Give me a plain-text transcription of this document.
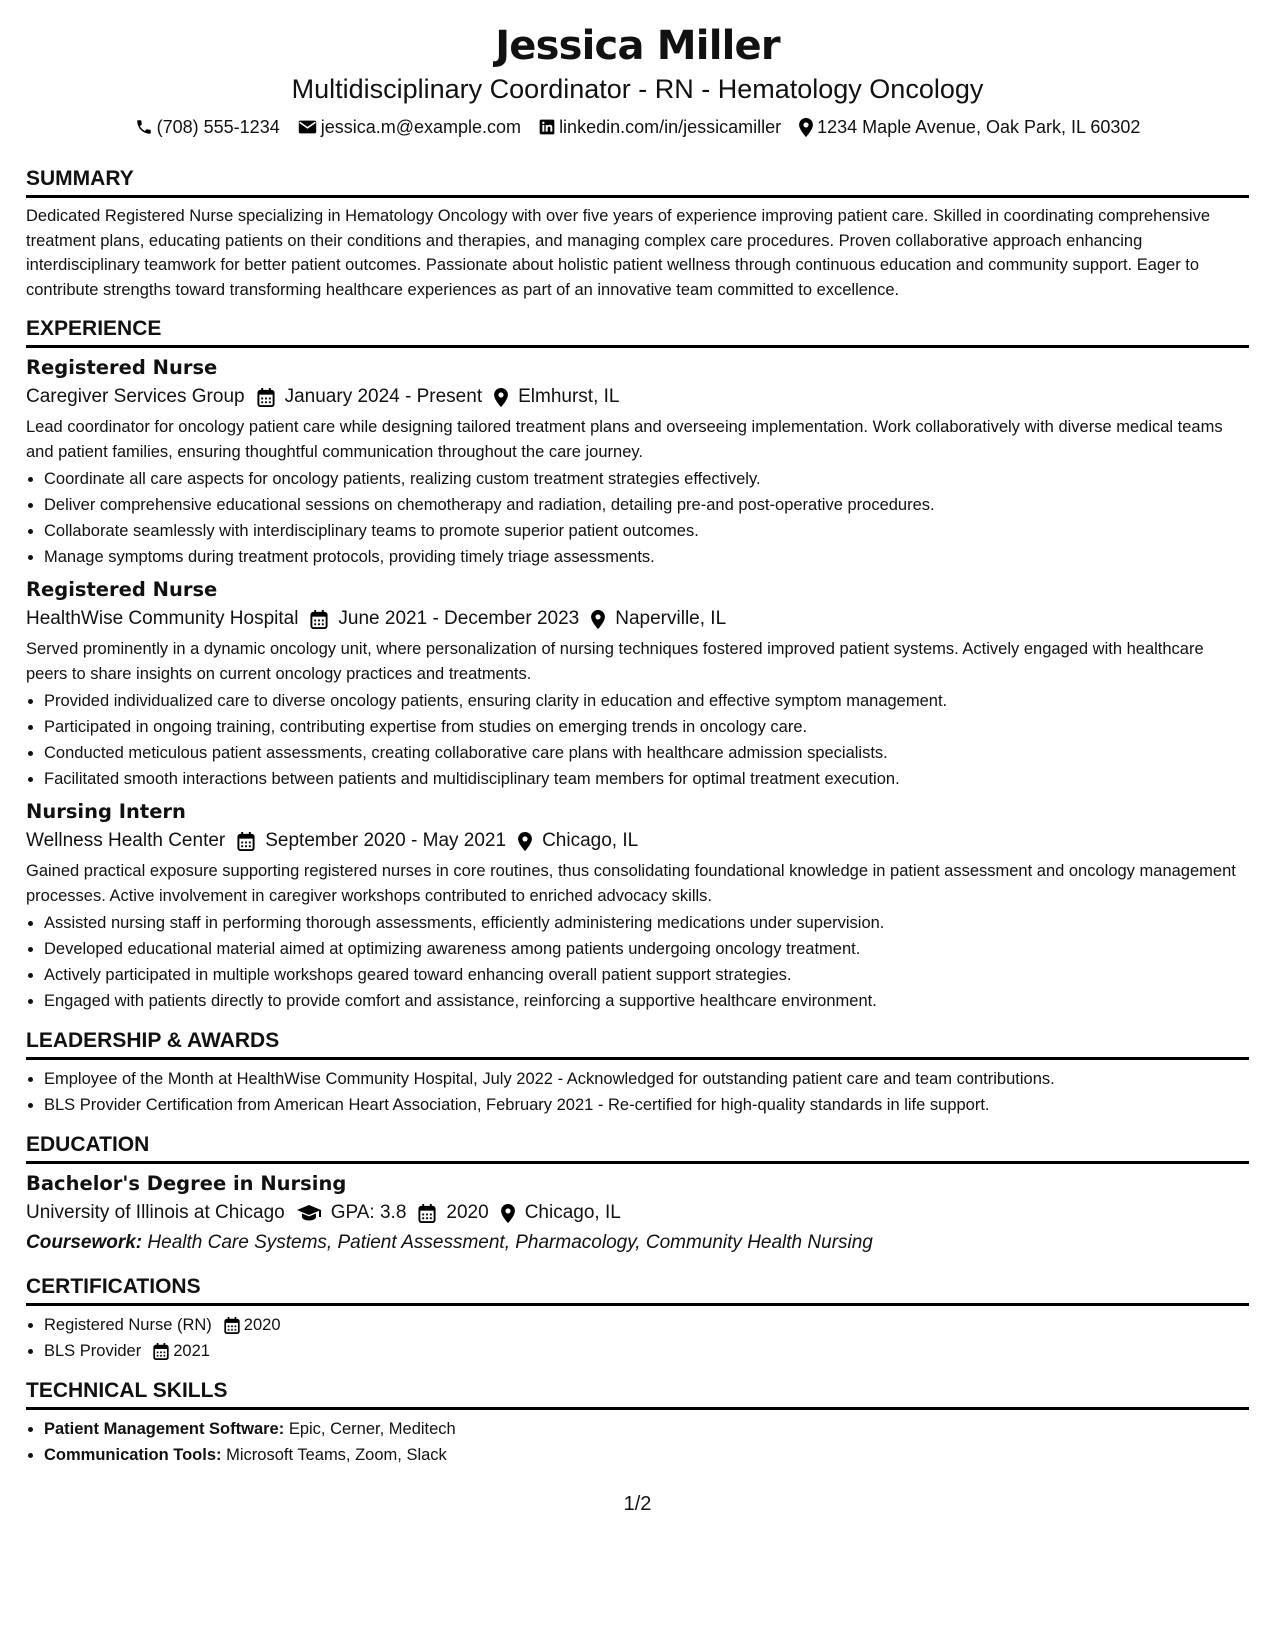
Jessica Miller
Multidisciplinary Coordinator - RN - Hematology Oncology
(708) 555-1234 jessica.m@example.com linkedin.com/in/jessicamiller 1234 Maple Avenue, Oak Park, IL 60302
SUMMARY

Dedicated Registered Nurse specializing in Hematology Oncology with over five years of experience improving patient care. Skilled in coordinating comprehensive treatment plans, educating patients on their conditions and therapies, and managing complex care procedures. Proven collaborative approach enhancing interdisciplinary teamwork for better patient outcomes. Passionate about holistic patient wellness through continuous education and community support. Eager to contribute strengths toward transforming healthcare experiences as part of an innovative team committed to excellence.

EXPERIENCE
Registered Nurse
Caregiver Services Group January 2024 - Present Elmhurst, IL

Lead coordinator for oncology patient care while designing tailored treatment plans and overseeing implementation. Work collaboratively with diverse medical teams and patient families, ensuring thoughtful communication throughout the care journey.

• Coordinate all care aspects for oncology patients, realizing custom treatment strategies effectively.
• Deliver comprehensive educational sessions on chemotherapy and radiation, detailing pre-and post-operative procedures.
• Collaborate seamlessly with interdisciplinary teams to promote superior patient outcomes.
• Manage symptoms during treatment protocols, providing timely triage assessments.
Registered Nurse
HealthWise Community Hospital June 2021 - December 2023 Naperville, IL

Served prominently in a dynamic oncology unit, where personalization of nursing techniques fostered improved patient systems. Actively engaged with healthcare peers to share insights on current oncology practices and treatments.

• Provided individualized care to diverse oncology patients, ensuring clarity in education and effective symptom management.
• Participated in ongoing training, contributing expertise from studies on emerging trends in oncology care.
• Conducted meticulous patient assessments, creating collaborative care plans with healthcare admission specialists.
• Facilitated smooth interactions between patients and multidisciplinary team members for optimal treatment execution.
Nursing Intern
Wellness Health Center September 2020 - May 2021 Chicago, IL

Gained practical exposure supporting registered nurses in core routines, thus consolidating foundational knowledge in patient assessment and oncology management processes. Active involvement in caregiver workshops contributed to enriched advocacy skills.

• Assisted nursing staff in performing thorough assessments, efficiently administering medications under supervision.
• Developed educational material aimed at optimizing awareness among patients undergoing oncology treatment.
• Actively participated in multiple workshops geared toward enhancing overall patient support strategies.
• Engaged with patients directly to provide comfort and assistance, reinforcing a supportive healthcare environment.
LEADERSHIP & AWARDS
• Employee of the Month at HealthWise Community Hospital, July 2022 - Acknowledged for outstanding patient care and team contributions.
• BLS Provider Certification from American Heart Association, February 2021 - Re-certified for high-quality standards in life support.
EDUCATION
Bachelor's Degree in Nursing
University of Illinois at Chicago GPA: 3.8 2020 Chicago, IL
Coursework: Health Care Systems, Patient Assessment, Pharmacology, Community Health Nursing
CERTIFICATIONS
• Registered Nurse (RN) 2020
• BLS Provider 2021
TECHNICAL SKILLS
• Patient Management Software: Epic, Cerner, Meditech
• Communication Tools: Microsoft Teams, Zoom, Slack
1/2
